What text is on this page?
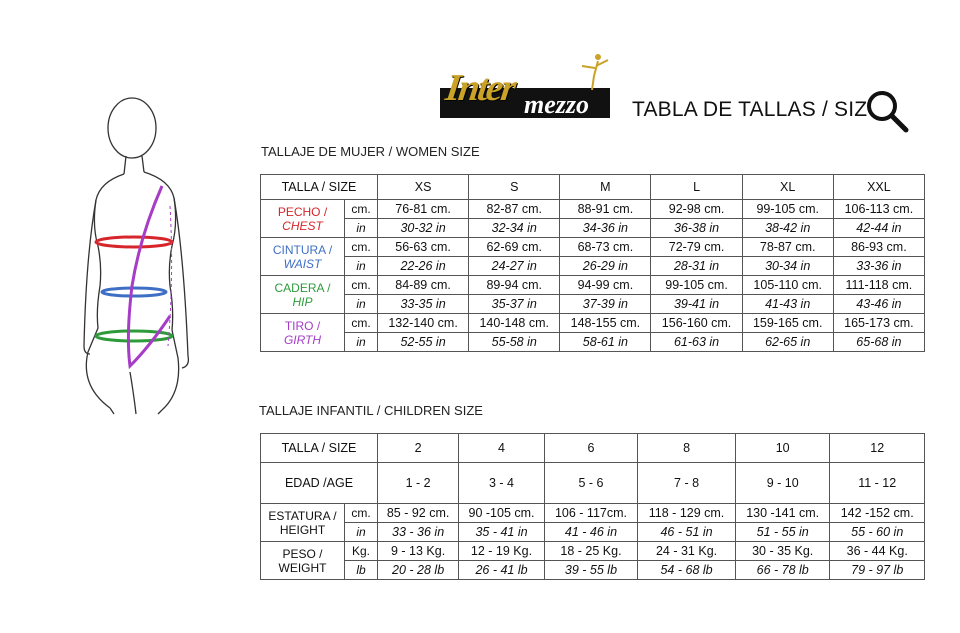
Inter mezzo TABLA DE TALLAS / SIZ
TALLAJE DE MUJER / WOMEN SIZE
TALLA / SIZE		XS	S	M	L	XL	XXL
PECHO /
CHEST	cm.	76-81 cm.	82-87 cm.	88-91 cm.	92-98 cm.	99-105 cm.	106-113 cm.
	in	30-32 in	32-34 in	34-36 in	36-38 in	38-42 in	42-44 in
CINTURA /
WAIST	cm.	56-63 cm.	62-69 cm.	68-73 cm.	72-79 cm.	78-87 cm.	86-93 cm.
	in	22-26 in	24-27 in	26-29 in	28-31 in	30-34 in	33-36 in
CADERA /
HIP	cm.	84-89 cm.	89-94 cm.	94-99 cm.	99-105 cm.	105-110 cm.	111-118 cm.
	in	33-35 in	35-37 in	37-39 in	39-41 in	41-43 in	43-46 in
TIRO /
GIRTH	cm.	132-140 cm.	140-148 cm.	148-155 cm.	156-160 cm.	159-165 cm.	165-173 cm.
	in	52-55 in	55-58 in	58-61 in	61-63 in	62-65 in	65-68 in
TALLAJE INFANTIL / CHILDREN SIZE
TALLA / SIZE		2	4	6	8	10	12
EDAD /AGE		1 - 2	3 - 4	5 - 6	7 - 8	9 - 10	11 - 12
ESTATURA /
HEIGHT	cm.	85 - 92 cm.	90 -105 cm.	106 - 117cm.	118 - 129 cm.	130 -141 cm.	142 -152 cm.
	in	33 - 36 in	35 - 41 in	41 - 46 in	46 - 51 in	51 - 55 in	55 - 60 in
PESO /
WEIGHT	Kg.	9 - 13 Kg.	12 - 19 Kg.	18 - 25 Kg.	24 - 31 Kg.	30 - 35 Kg.	36 - 44 Kg.
	lb	20 - 28 lb	26 - 41 lb	39 - 55 lb	54 - 68 lb	66 - 78 lb	79 - 97 lb
